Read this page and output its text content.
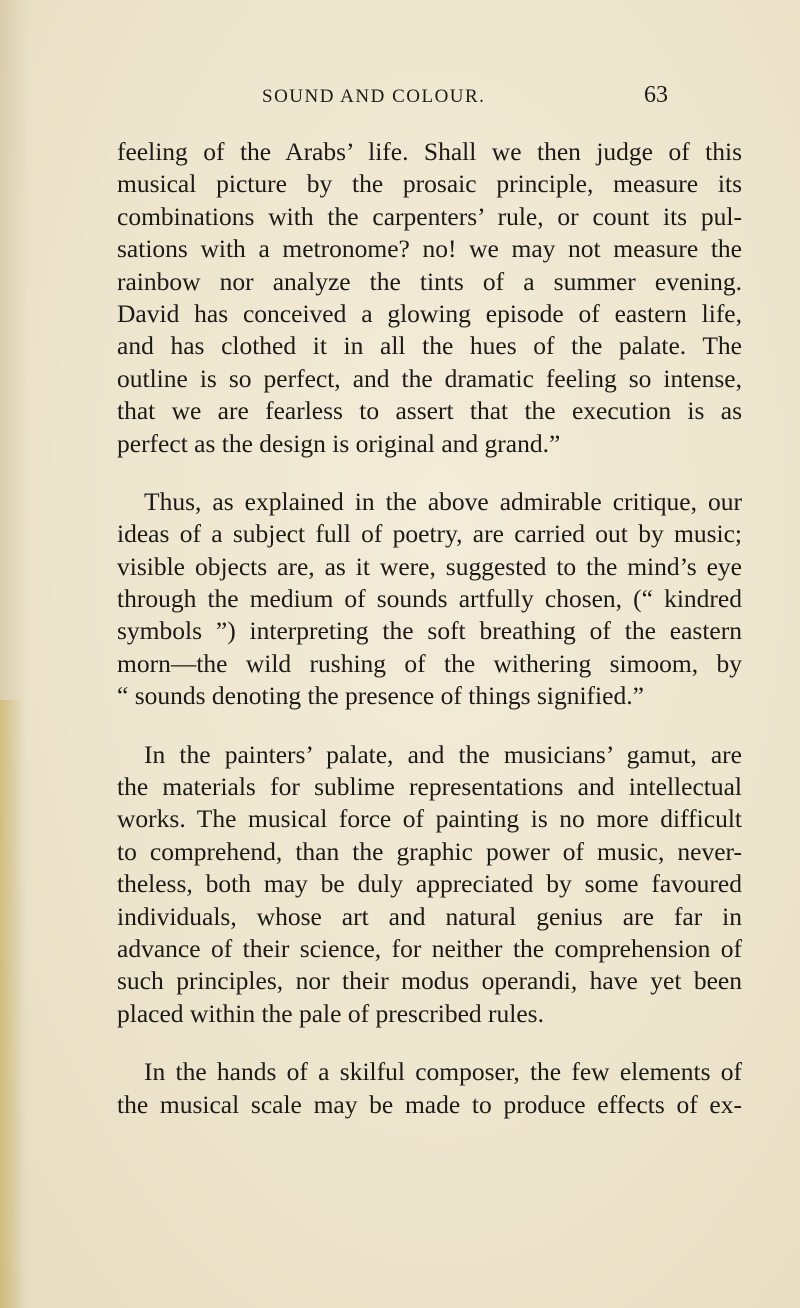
SOUND AND COLOUR.	63

feeling of the Arabs’ life. Shall we then judge of this
musical picture by the prosaic principle, measure its
combinations with the carpenters’ rule, or count its pul-
sations with a metronome? no! we may not measure the
rainbow nor analyze the tints of a summer evening.
David has conceived a glowing episode of eastern life,
and has clothed it in all the hues of the palate. The
outline is so perfect, and the dramatic feeling so intense,
that we are fearless to assert that the execution is as
perfect as the design is original and grand.”

Thus, as explained in the above admirable critique, our
ideas of a subject full of poetry, are carried out by music;
visible objects are, as it were, suggested to the mind’s eye
through the medium of sounds artfully chosen, (“ kindred
symbols ”) interpreting the soft breathing of the eastern
morn—the wild rushing of the withering simoom, by
“ sounds denoting the presence of things signified.”

In the painters’ palate, and the musicians’ gamut, are
the materials for sublime representations and intellectual
works. The musical force of painting is no more difficult
to comprehend, than the graphic power of music, never-
theless, both may be duly appreciated by some favoured
individuals, whose art and natural genius are far in
advance of their science, for neither the comprehension of
such principles, nor their modus operandi, have yet been
placed within the pale of prescribed rules.

In the hands of a skilful composer, the few elements of
the musical scale may be made to produce effects of ex-
